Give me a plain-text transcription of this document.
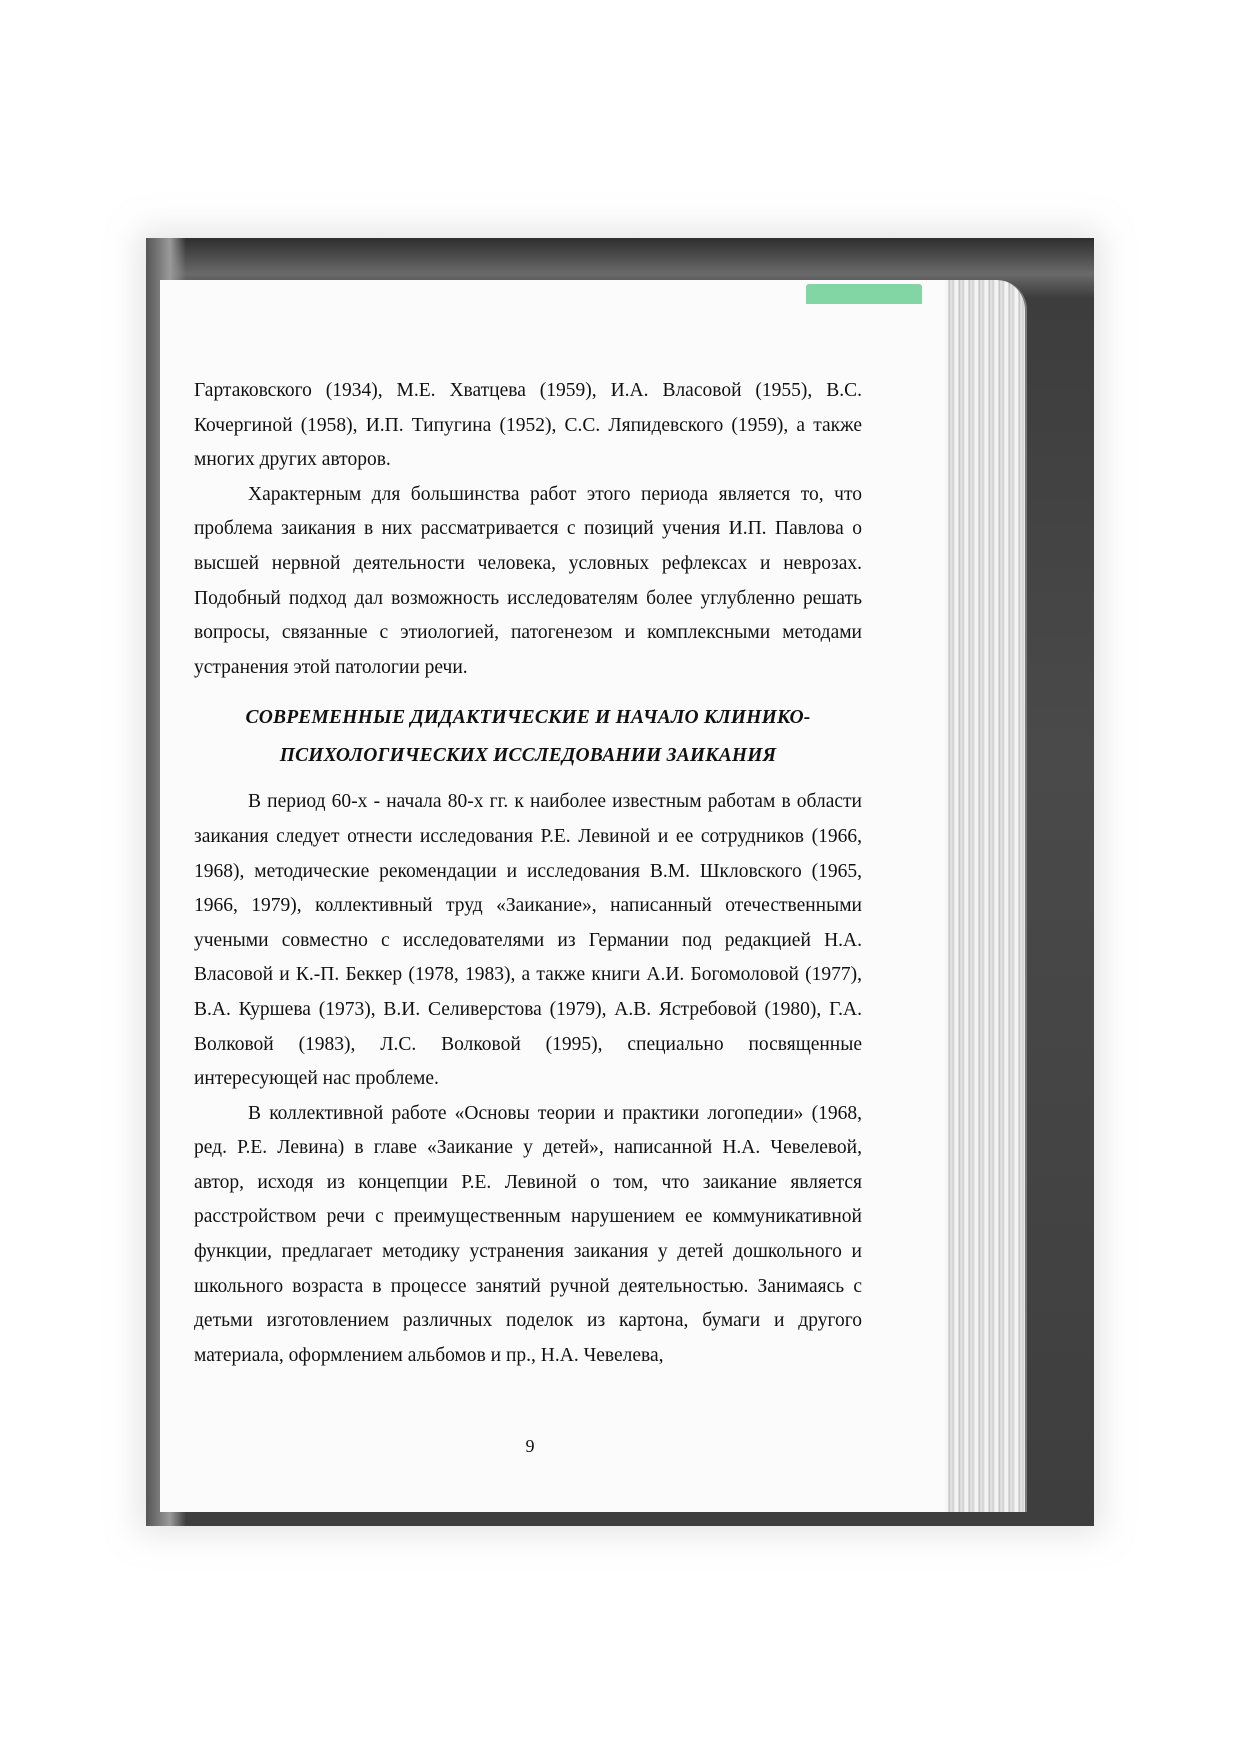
Гартаковского (1934), М.Е. Хватцева (1959), И.А. Власовой (1955), В.С. Кочергиной (1958), И.П. Типугина (1952), С.С. Ляпидевского (1959), а также многих других авторов.

Характерным для большинства работ этого периода является то, что проблема заикания в них рассматривается с позиций учения И.П. Павлова о высшей нервной деятельности человека, условных рефлексах и неврозах. Подобный подход дал возможность исследователям более углубленно решать вопросы, связанные с этиологией, патогенезом и комплексными методами устранения этой патологии речи.

СОВРЕМЕННЫЕ ДИДАКТИЧЕСКИЕ И НАЧАЛО КЛИНИКО-
ПСИХОЛОГИЧЕСКИХ ИССЛЕДОВАНИИ ЗАИКАНИЯ

В период 60-х - начала 80-х гг. к наиболее известным работам в области заикания следует отнести исследования Р.Е. Левиной и ее сотрудников (1966, 1968), методические рекомендации и исследования В.М. Шкловского (1965, 1966, 1979), коллективный труд «Заикание», написанный отечественными учеными совместно с исследователями из Германии под редакцией Н.А. Власовой и К.-П. Беккер (1978, 1983), а также книги А.И. Богомоловой (1977), В.А. Куршева (1973), В.И. Селиверстова (1979), А.В. Ястребовой (1980), Г.А. Волковой (1983), Л.С. Волковой (1995), специально посвященные интересующей нас проблеме.

В коллективной работе «Основы теории и практики логопедии» (1968, ред. Р.Е. Левина) в главе «Заикание у детей», написанной Н.А. Чевелевой, автор, исходя из концепции Р.Е. Левиной о том, что заикание является расстройством речи с преимущественным нарушением ее коммуникативной функции, предлагает методику устранения заикания у детей дошкольного и школьного возраста в процессе занятий ручной деятельностью. Занимаясь с детьми изготовлением различных поделок из картона, бумаги и другого материала, оформлением альбомов и пр., Н.А. Чевелева,

9
